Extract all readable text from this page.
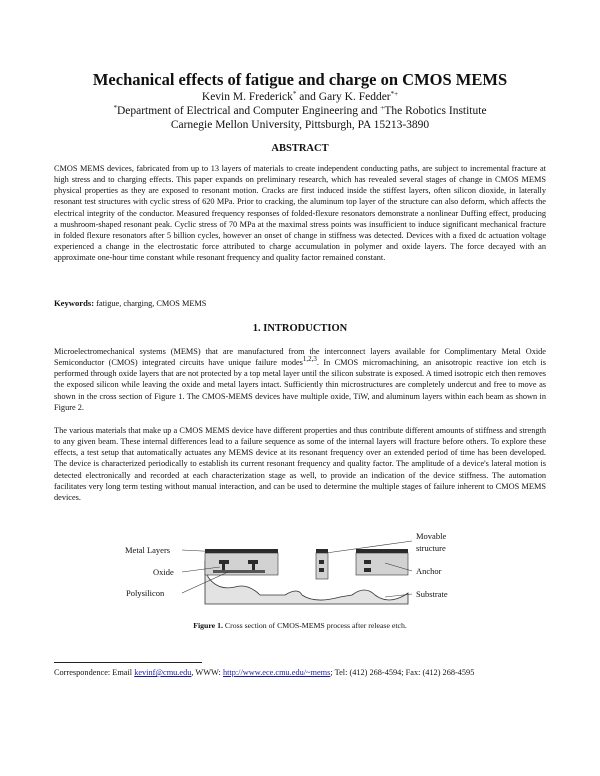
Mechanical effects of fatigue and charge on CMOS MEMS
Kevin M. Frederick* and Gary K. Fedder*+
*Department of Electrical and Computer Engineering and +The Robotics Institute
Carnegie Mellon University, Pittsburgh, PA 15213-3890
ABSTRACT

CMOS MEMS devices, fabricated from up to 13 layers of materials to create independent conducting paths, are subject to incremental fracture at high stress and to charging effects. This paper expands on preliminary research, which has revealed several stages of change in CMOS MEMS physical properties as they are exposed to resonant motion. Cracks are first induced inside the stiffest layers, often silicon dioxide, in laterally resonant test structures with cyclic stress of 620 MPa. Prior to cracking, the aluminum top layer of the structure can also deform, which affects the electrical integrity of the conductor. Measured frequency responses of folded-flexure resonators demonstrate a nonlinear Duffing effect, producing a mushroom-shaped resonant peak. Cyclic stress of 70 MPa at the maximal stress points was insufficient to induce significant mechanical fracture in folded flexure resonators after 5 billion cycles, however an onset of change in stiffness was detected. Devices with a fixed dc actuation voltage experienced a change in the electrostatic force attributed to charge accumulation in polymer and oxide layers. The force decayed with an approximate one-hour time constant while resonant frequency and quality factor remained constant.

Keywords: fatigue, charging, CMOS MEMS
1. INTRODUCTION

Microelectromechanical systems (MEMS) that are manufactured from the interconnect layers available for Complimentary Metal Oxide Semiconductor (CMOS) integrated circuits have unique failure modes$^{1,2,3}$. In CMOS micromachining, an anisotropic reactive ion etch is performed through oxide layers that are not protected by a top metal layer until the silicon substrate is exposed. A timed isotropic etch then removes the exposed silicon while leaving the oxide and metal layers intact. Sufficiently thin microstructures are completely undercut and free to move as shown in the cross section of Figure 1. The CMOS-MEMS devices have multiple oxide, TiW, and aluminum layers within each beam as shown in Figure 2.

The various materials that make up a CMOS MEMS device have different properties and thus contribute different amounts of stiffness and strength to any given beam. These internal differences lead to a failure sequence as some of the internal layers will fracture before others. To explore these effects, a test setup that automatically actuates any MEMS device at its resonant frequency over an extended period of time has been developed. The device is characterized periodically to establish its current resonant frequency and quality factor. The amplitude of a device's lateral motion is detected electronically and recorded at each characterization stage as well, to provide an indication of the device stiffness. The automation facilitates very long term testing without manual interaction, and can be used to determine the multiple stages of failure inherent to CMOS MEMS devices.

Metal Layers
Oxide
Polysilicon
Movable
structure
Anchor
Substrate
Figure 1. Cross section of CMOS-MEMS process after release etch.
Correspondence: Email kevinf@cmu.edu, WWW: http://www.ece.cmu.edu/~mems; Tel: (412) 268-4594; Fax: (412) 268-4595
